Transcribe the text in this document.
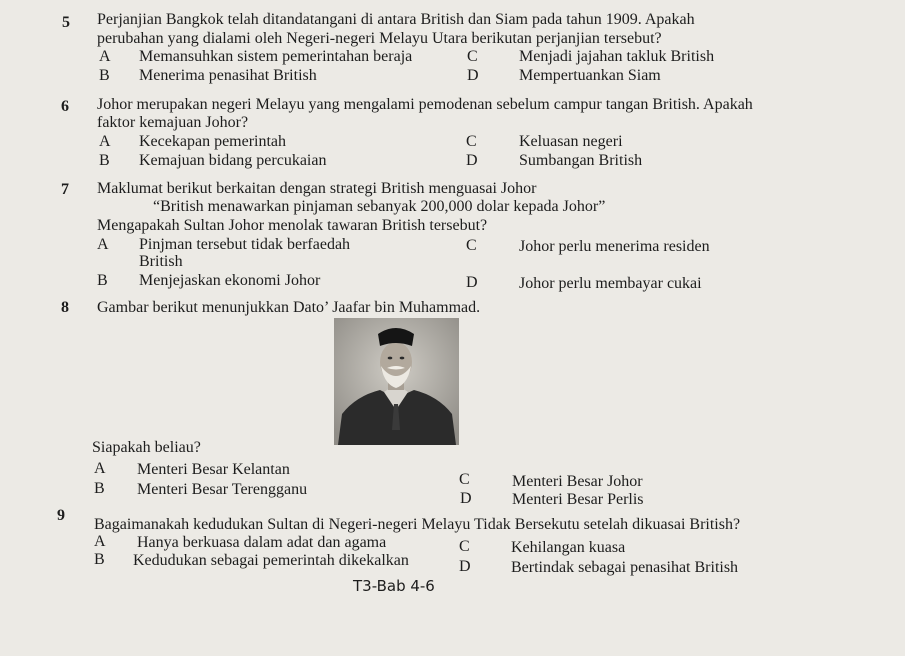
5 Perjanjian Bangkok telah ditandatangani di antara British dan Siam pada tahun 1909. Apakah
perubahan yang dialami oleh Negeri-negeri Melayu Utara berikutan perjanjian tersebut?
A Memansuhkan sistem pemerintahan beraja
B Menerima penasihat British
C	Menjadi jajahan takluk British
D	Mempertuankan Siam
6 Johor merupakan negeri Melayu yang mengalami pemodenan sebelum campur tangan British. Apakah
faktor kemajuan Johor?
A Kecekapan pemerintah
B Kemajuan bidang percukaian
C	Keluasan negeri
D	Sumbangan British
7 Maklumat berikut berkaitan dengan strategi British menguasai Johor
“British menawarkan pinjaman sebanyak 200,000 dolar kepada Johor”
Mengapakah Sultan Johor menolak tawaran British tersebut?
A Pinjman tersebut tidak berfaedah
British
B Menjejaskan ekonomi Johor
C	Johor perlu menerima residen
D	Johor perlu membayar cukai
8 Gambar berikut menunjukkan Dato’ Jaafar bin Muhammad.
Siapakah beliau?
A Menteri Besar Kelantan
B Menteri Besar Terengganu
C	Menteri Besar Johor
D	Menteri Besar Perlis
9
Bagaimanakah kedudukan Sultan di Negeri-negeri Melayu Tidak Bersekutu setelah dikuasai British?
A Hanya berkuasa dalam adat dan agama
B Kedudukan sebagai pemerintah dikekalkan
C	Kehilangan kuasa
D	Bertindak sebagai penasihat British
T3-Bab 4-6
